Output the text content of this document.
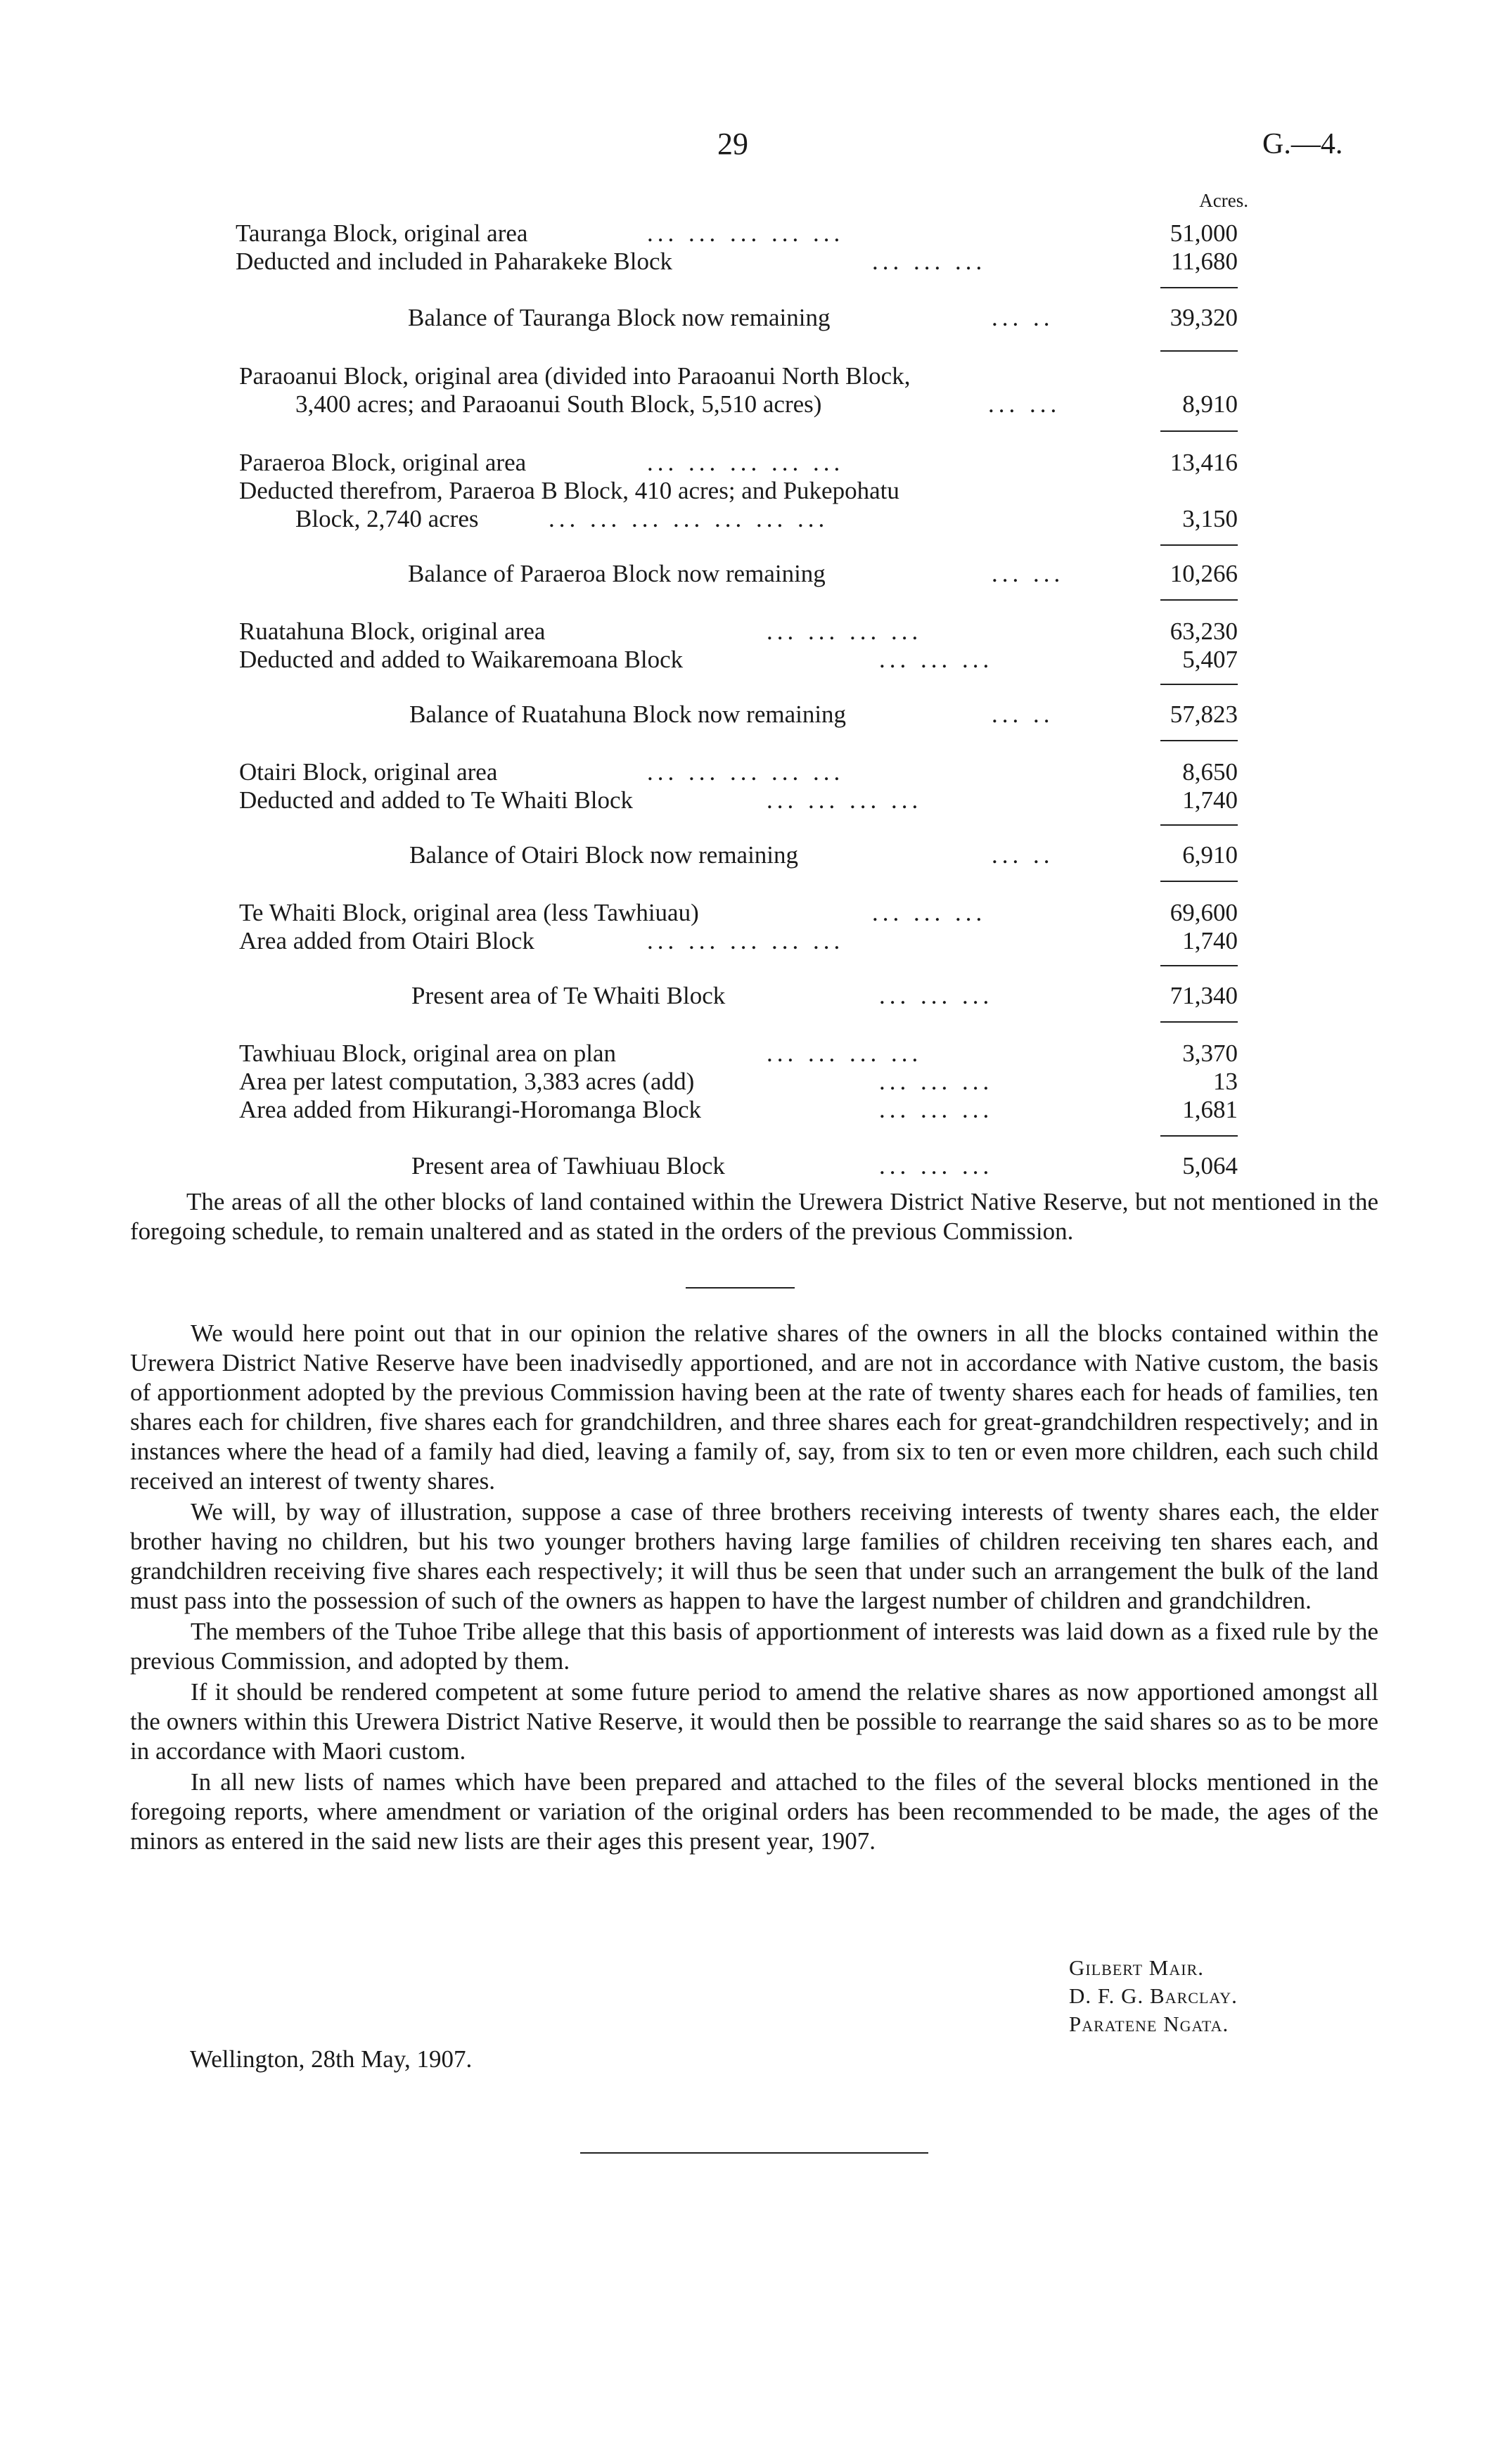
29	G.—4.
Acres.
Tauranga Block, original area	... ... ... ... ...	51,000
Deducted and included in Paharakeke Block	... ... ...	11,680
Balance of Tauranga Block now remaining	... ..	39,320
Paraoanui Block, original area (divided into Paraoanui North Block,
3,400 acres; and Paraoanui South Block, 5,510 acres)	... ...	8,910
Paraeroa Block, original area	... ... ... ... ...	13,416
Deducted therefrom, Paraeroa B Block, 410 acres; and Pukepohatu
Block, 2,740 acres	... ... ... ... ... ... ...	3,150
Balance of Paraeroa Block now remaining	... ...	10,266
Ruatahuna Block, original area	... ... ... ...	63,230
Deducted and added to Waikaremoana Block	... ... ...	5,407
Balance of Ruatahuna Block now remaining	... ..	57,823
Otairi Block, original area	... ... ... ... ...	8,650
Deducted and added to Te Whaiti Block	... ... ... ...	1,740
Balance of Otairi Block now remaining	... ..	6,910
Te Whaiti Block, original area (less Tawhiuau)	... ... ...	69,600
Area added from Otairi Block	... ... ... ... ...	1,740
Present area of Te Whaiti Block	... ... ...	71,340
Tawhiuau Block, original area on plan	... ... ... ...	3,370
Area per latest computation, 3,383 acres (add)	... ... ...	13
Area added from Hikurangi-Horomanga Block	... ... ...	1,681
Present area of Tawhiuau Block	... ... ...	5,064

The areas of all the other blocks of land contained within the Urewera District Native Reserve, but not mentioned in the foregoing schedule, to remain unaltered and as stated in the orders of the previous Commission.

We would here point out that in our opinion the relative shares of the owners in all the blocks contained within the Urewera District Native Reserve have been inadvisedly apportioned, and are not in accordance with Native custom, the basis of apportionment adopted by the previous Commission having been at the rate of twenty shares each for heads of families, ten shares each for children, five shares each for grandchildren, and three shares each for great-grandchildren respectively; and in instances where the head of a family had died, leaving a family of, say, from six to ten or even more children, each such child received an interest of twenty shares.

We will, by way of illustration, suppose a case of three brothers receiving interests of twenty shares each, the elder brother having no children, but his two younger brothers having large families of children receiving ten shares each, and grandchildren receiving five shares each respectively; it will thus be seen that under such an arrangement the bulk of the land must pass into the possession of such of the owners as happen to have the largest number of children and grandchildren.

The members of the Tuhoe Tribe allege that this basis of apportionment of interests was laid down as a fixed rule by the previous Commission, and adopted by them.

If it should be rendered competent at some future period to amend the relative shares as now apportioned amongst all the owners within this Urewera District Native Reserve, it would then be possible to rearrange the said shares so as to be more in accordance with Maori custom.

In all new lists of names which have been prepared and attached to the files of the several blocks mentioned in the foregoing reports, where amendment or variation of the original orders has been recommended to be made, the ages of the minors as entered in the said new lists are their ages this present year, 1907.

Gilbert Mair.
D. F. G. Barclay.
Paratene Ngata.
Wellington, 28th May, 1907.
